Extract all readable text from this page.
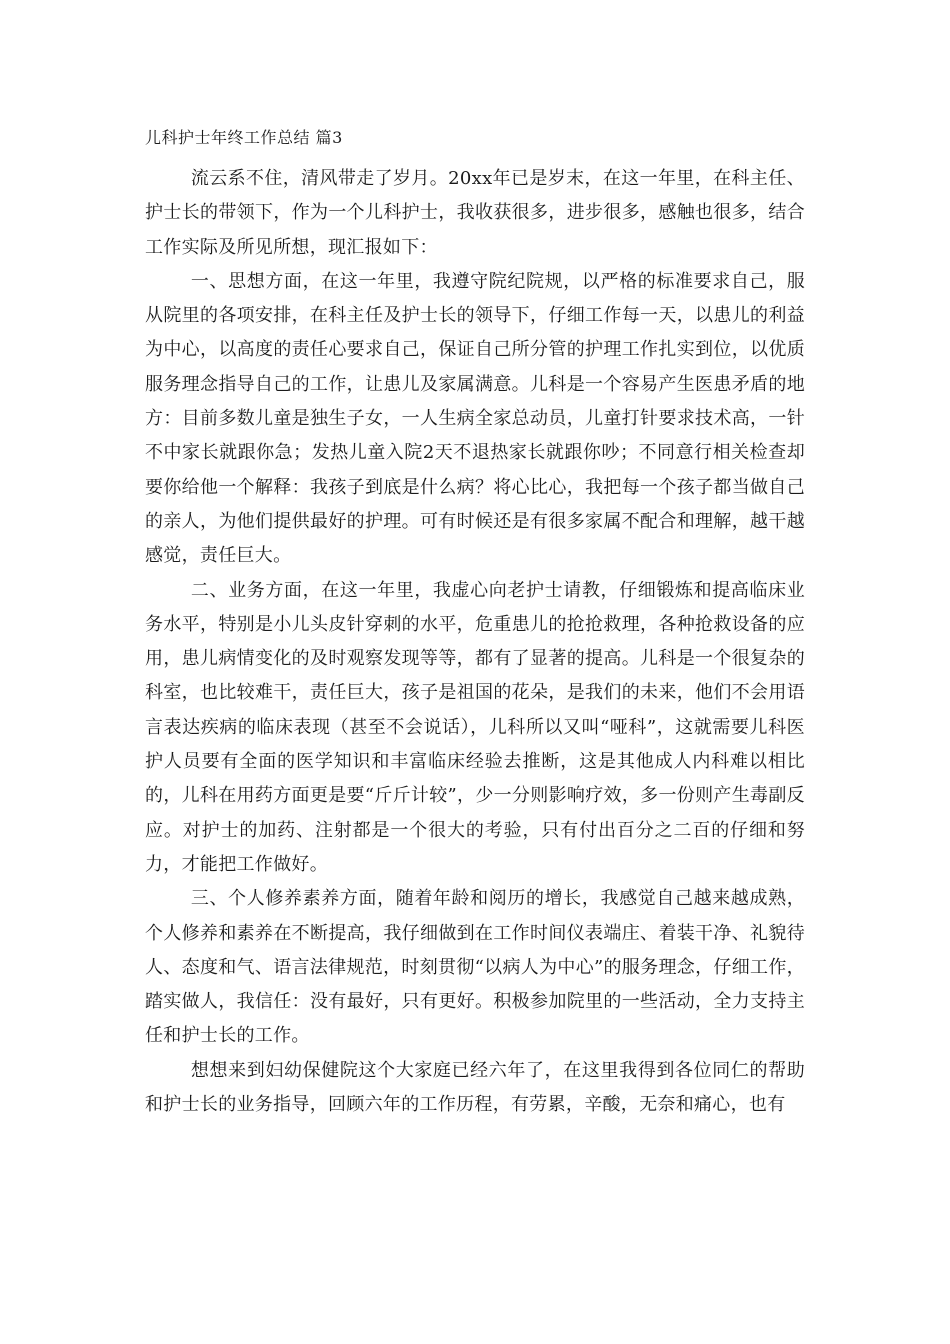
儿科护士年终工作总结 篇3

流云系不住，清风带走了岁月。20xx年已是岁末，在这一年里，在科主任、护士长的带领下，作为一个儿科护士，我收获很多，进步很多，感触也很多，结合工作实际及所见所想，现汇报如下：

一、思想方面，在这一年里，我遵守院纪院规，以严格的标准要求自己，服从院里的各项安排，在科主任及护士长的领导下，仔细工作每一天，以患儿的利益为中心，以高度的责任心要求自己，保证自己所分管的护理工作扎实到位，以优质服务理念指导自己的工作，让患儿及家属满意。儿科是一个容易产生医患矛盾的地方：目前多数儿童是独生子女，一人生病全家总动员，儿童打针要求技术高，一针不中家长就跟你急；发热儿童入院2天不退热家长就跟你吵；不同意行相关检查却要你给他一个解释：我孩子到底是什么病？将心比心，我把每一个孩子都当做自己的亲人，为他们提供最好的护理。可有时候还是有很多家属不配合和理解，越干越感觉，责任巨大。

二、业务方面，在这一年里，我虚心向老护士请教，仔细锻炼和提高临床业务水平，特别是小儿头皮针穿刺的水平，危重患儿的抢抢救理，各种抢救设备的应用，患儿病情变化的及时观察发现等等，都有了显著的提高。儿科是一个很复杂的科室，也比较难干，责任巨大，孩子是祖国的花朵，是我们的未来，他们不会用语言表达疾病的临床表现（甚至不会说话），儿科所以又叫“哑科”，这就需要儿科医护人员要有全面的医学知识和丰富临床经验去推断，这是其他成人内科难以相比的，儿科在用药方面更是要“斤斤计较”，少一分则影响疗效，多一份则产生毒副反应。对护士的加药、注射都是一个很大的考验，只有付出百分之二百的仔细和努力，才能把工作做好。

三、个人修养素养方面，随着年龄和阅历的增长，我感觉自己越来越成熟，个人修养和素养在不断提高，我仔细做到在工作时间仪表端庄、着装干净、礼貌待人、态度和气、语言法律规范，时刻贯彻“以病人为中心”的服务理念，仔细工作，踏实做人，我信任：没有最好，只有更好。积极参加院里的一些活动，全力支持主任和护士长的工作。

想想来到妇幼保健院这个大家庭已经六年了，在这里我得到各位同仁的帮助和护士长的业务指导，回顾六年的工作历程，有劳累，辛酸，无奈和痛心，也有
